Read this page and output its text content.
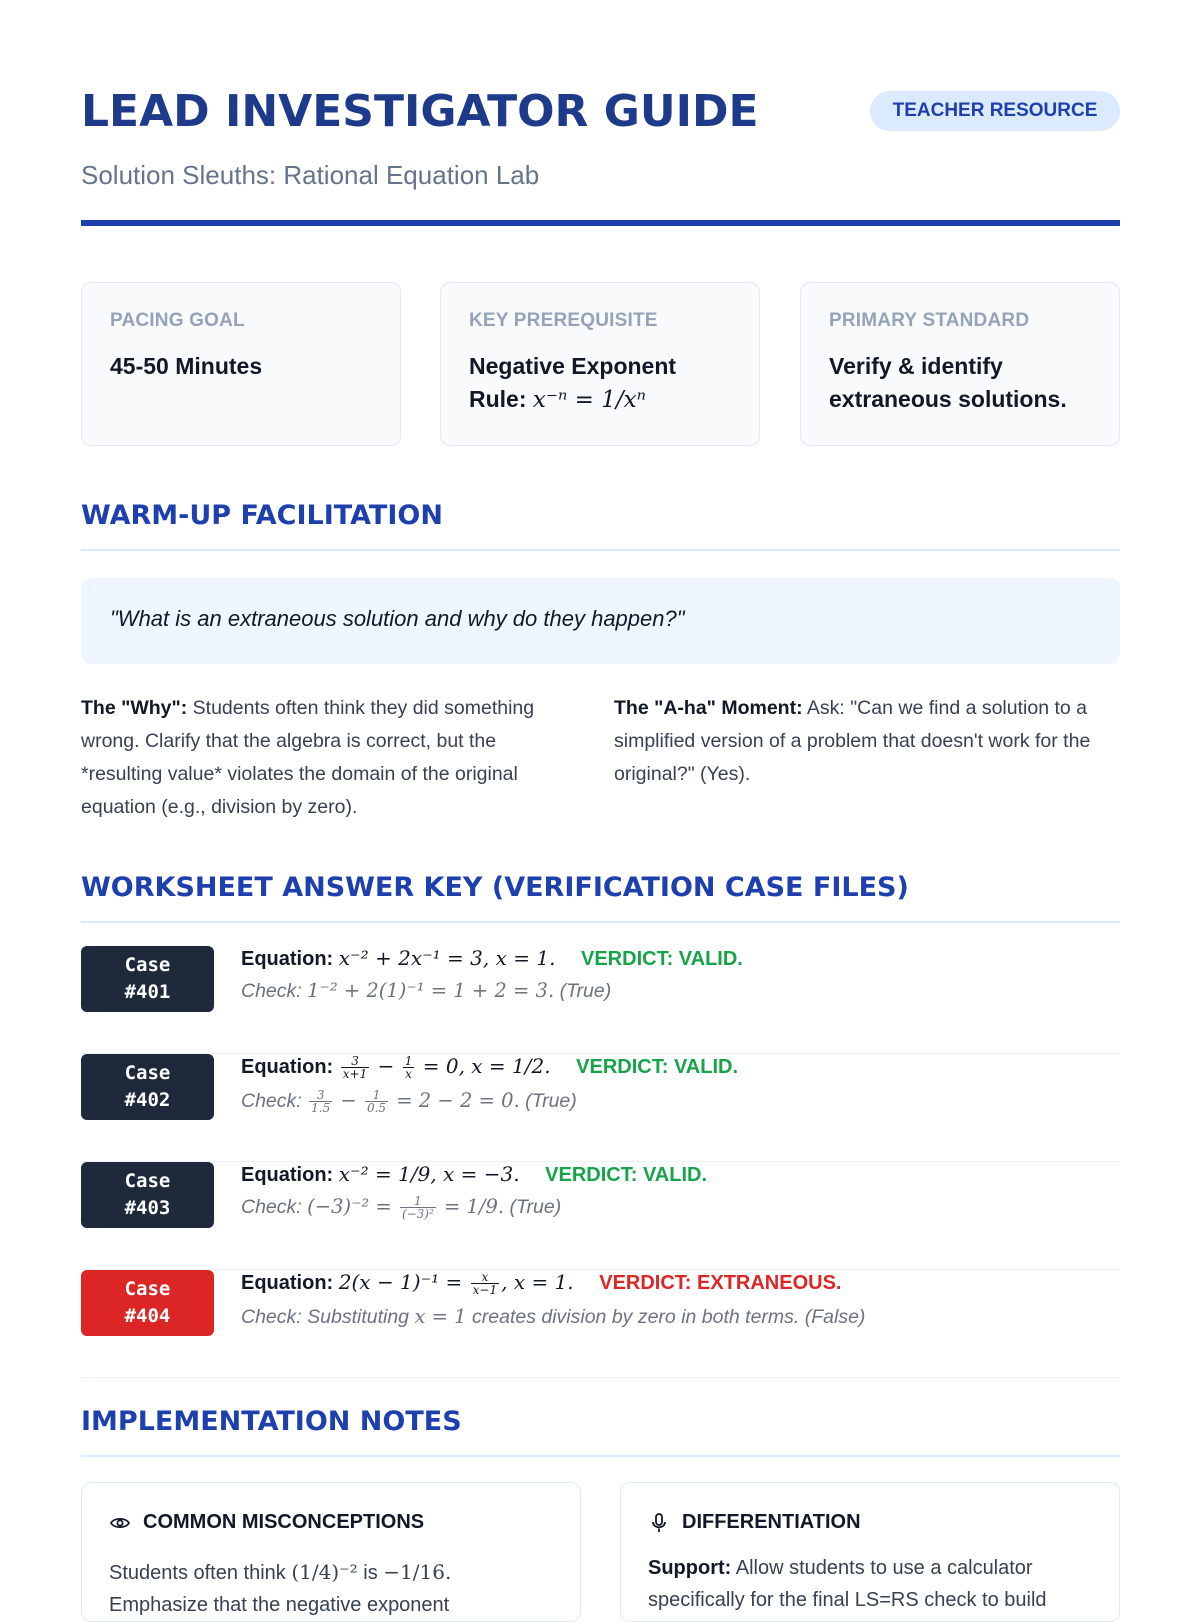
LEAD INVESTIGATOR GUIDE	TEACHER RESOURCE
Solution Sleuths: Rational Equation Lab
PACING GOAL
45-50 Minutes
KEY PREREQUISITE
Negative Exponent Rule: x⁻ⁿ = 1/xⁿ
PRIMARY STANDARD
Verify & identify extraneous solutions.
WARM-UP FACILITATION
"What is an extraneous solution and why do they happen?"
The "Why": Students often think they did something wrong. Clarify that the algebra is correct, but the *resulting value* violates the domain of the original equation (e.g., division by zero).
The "A-ha" Moment: Ask: "Can we find a solution to a simplified version of a problem that doesn't work for the original?" (Yes).
WORKSHEET ANSWER KEY (VERIFICATION CASE FILES)
Case
#401
Equation: x⁻² + 2x⁻¹ = 3, x = 1. VERDICT: VALID.
Check: 1⁻² + 2(1)⁻¹ = 1 + 2 = 3. (True)
Case
#402
Equation: $\frac{3}{x+1} - \frac{1}{x} = 0$, x = 1/2. VERDICT: VALID.
Check: $\frac{3}{1.5} - \frac{1}{0.5} = 2 - 2 = 0$. (True)
Case
#403
Equation: x⁻² = 1/9, x = −3. VERDICT: VALID.
Check: $(-3)^{-2} = \frac{1}{\text{(−3)²}} = 1/9$. (True)
Case
#404
Equation: $2(x - 1)^{-1} = \frac{x}{x-1}$ , x = 1. VERDICT: EXTRANEOUS.
Check: Substituting x = 1 creates division by zero in both terms. (False)
IMPLEMENTATION NOTES
COMMON MISCONCEPTIONS
Students often think (1/4)⁻² is −1/16.
Emphasize that the negative exponent
DIFFERENTIATION
Support: Allow students to use a calculator specifically for the final LS=RS check to build
